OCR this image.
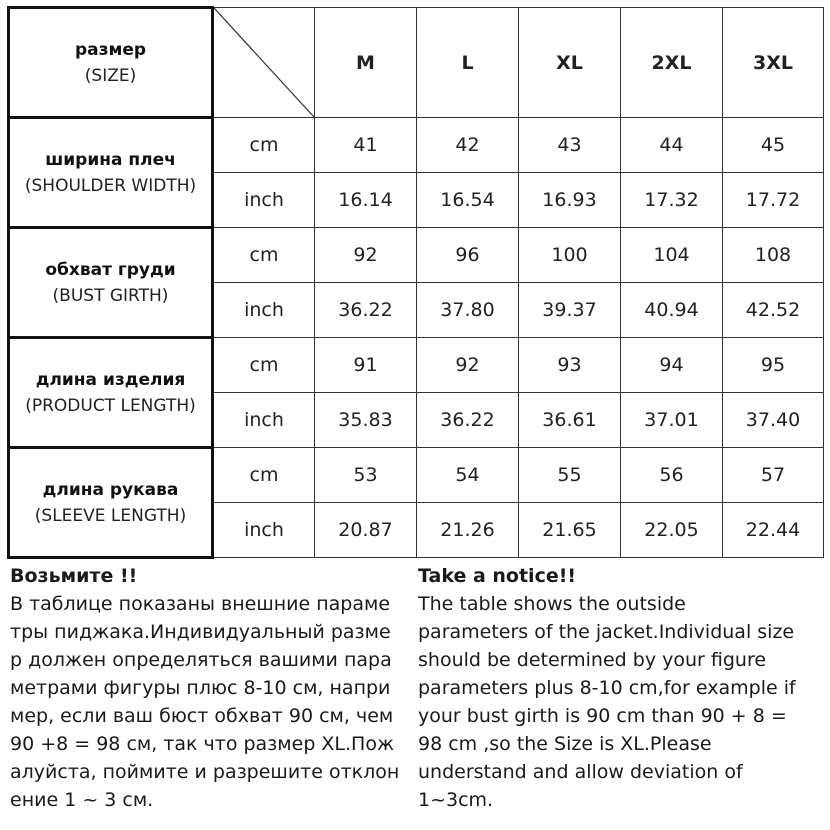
размер
(SIZE)		M	L	XL	2XL	3XL

ширина плеч
(SHOULDER WIDTH)	cm	41	42	43	44	45
	inch	16.14	16.54	16.93	17.32	17.72

обхват груди
(BUST GIRTH)	cm	92	96	100	104	108
	inch	36.22	37.80	39.37	40.94	42.52

длина изделия
(PRODUCT LENGTH)	cm	91	92	93	94	95
	inch	35.83	36.22	36.61	37.01	37.40

длина рукава
(SLEEVE LENGTH)	cm	53	54	55	56	57
	inch	20.87	21.26	21.65	22.05	22.44
Возьмите !!
В таблице показаны внешние параме
тры пиджака.Индивидуальный разме
р должен определяться вашими пара
метрами фигуры плюс 8-10 см, напри
мер, если ваш бюст обхват 90 см, чем
90 +8 = 98 см, так что размер XL.Пож
алуйста, поймите и разрешите отклон
ение 1 ~ 3 см.
Take a notice!!
The table shows the outside
parameters of the jacket.Individual size
should be determined by your figure
parameters plus 8-10 cm,for example if
your bust girth is 90 cm than 90 + 8 =
98 cm ,so the Size is XL.Please
understand and allow deviation of
1~3cm.
